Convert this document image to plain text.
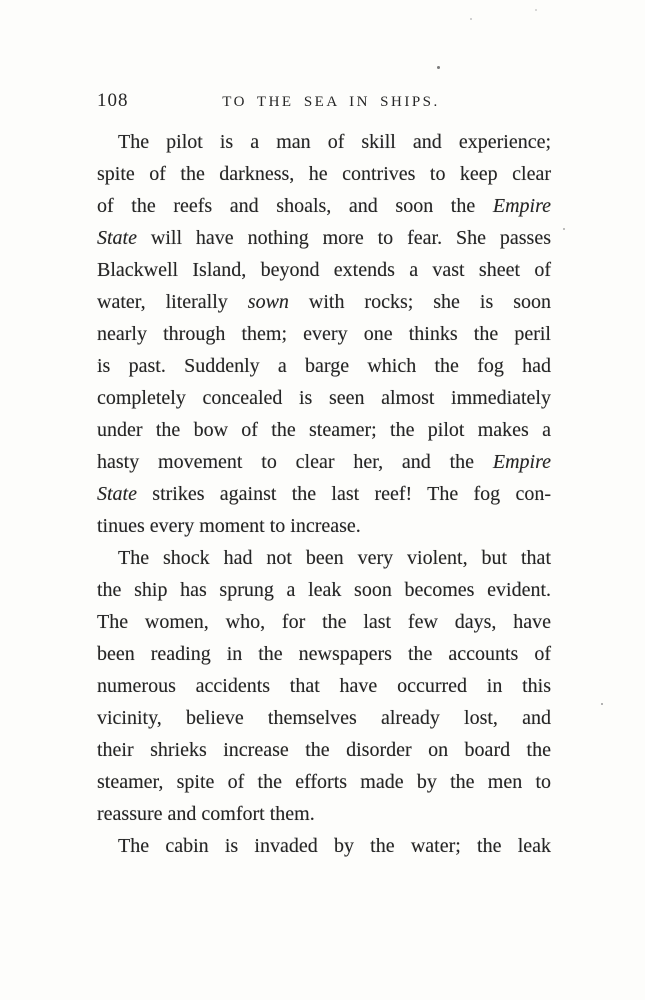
108	TO THE SEA IN SHIPS.
The pilot is a man of skill and experience;
spite of the darkness, he contrives to keep clear
of the reefs and shoals, and soon the Empire
State will have nothing more to fear. She passes
Blackwell Island, beyond extends a vast sheet of
water, literally sown with rocks; she is soon
nearly through them; every one thinks the peril
is past. Suddenly a barge which the fog had
completely concealed is seen almost immediately
under the bow of the steamer; the pilot makes a
hasty movement to clear her, and the Empire
State strikes against the last reef! The fog con-
tinues every moment to increase.
The shock had not been very violent, but that
the ship has sprung a leak soon becomes evident.
The women, who, for the last few days, have
been reading in the newspapers the accounts of
numerous accidents that have occurred in this
vicinity, believe themselves already lost, and
their shrieks increase the disorder on board the
steamer, spite of the efforts made by the men to
reassure and comfort them.
The cabin is invaded by the water; the leak
